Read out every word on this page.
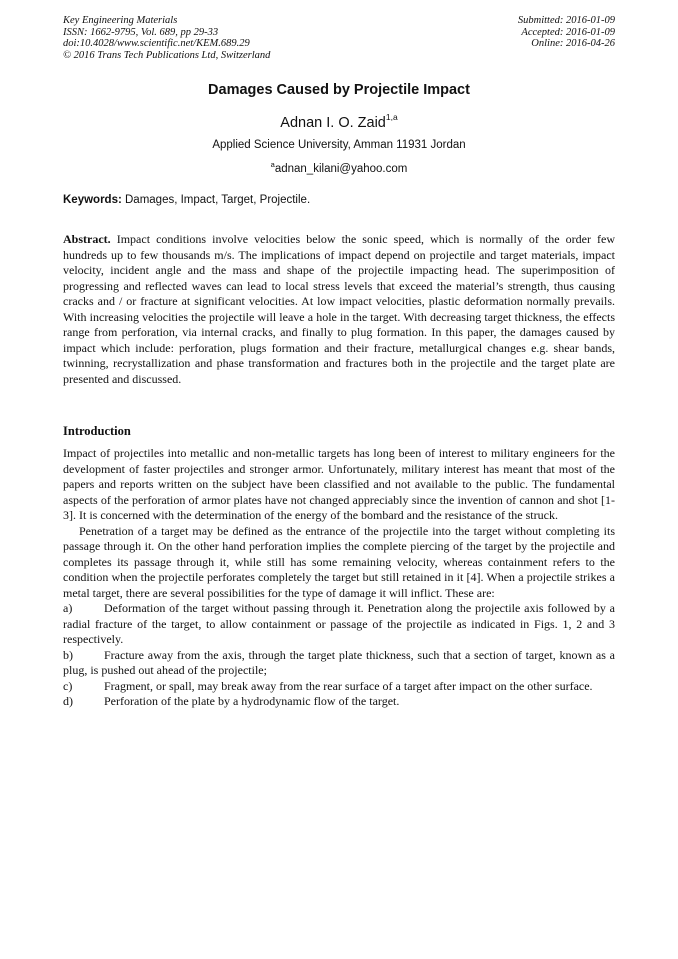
Key Engineering Materials
ISSN: 1662-9795, Vol. 689, pp 29-33
doi:10.4028/www.scientific.net/KEM.689.29
© 2016 Trans Tech Publications Ltd, Switzerland
Submitted: 2016-01-09
Accepted: 2016-01-09
Online: 2016-04-26
Damages Caused by Projectile Impact
Adnan I. O. Zaid$^{1,a}$
Applied Science University, Amman 11931 Jordan
$^a$adnan_kilani@yahoo.com
Keywords: Damages, Impact, Target, Projectile.
Abstract. Impact conditions involve velocities below the sonic speed, which is normally of the order few hundreds up to few thousands m/s. The implications of impact depend on projectile and target materials, impact velocity, incident angle and the mass and shape of the projectile impacting head. The superimposition of progressing and reflected waves can lead to local stress levels that exceed the material’s strength, thus causing cracks and / or fracture at significant velocities. At low impact velocities, plastic deformation normally prevails. With increasing velocities the projectile will leave a hole in the target. With decreasing target thickness, the effects range from perforation, via internal cracks, and finally to plug formation. In this paper, the damages caused by impact which include: perforation, plugs formation and their fracture, metallurgical changes e.g. shear bands, twinning, recrystallization and phase transformation and fractures both in the projectile and the target plate are presented and discussed.
Introduction

Impact of projectiles into metallic and non-metallic targets has long been of interest to military engineers for the development of faster projectiles and stronger armor. Unfortunately, military interest has meant that most of the papers and reports written on the subject have been classified and not available to the public. The fundamental aspects of the perforation of armor plates have not changed appreciably since the invention of cannon and shot [1-3]. It is concerned with the determination of the energy of the bombard and the resistance of the struck.

Penetration of a target may be defined as the entrance of the projectile into the target without completing its passage through it. On the other hand perforation implies the complete piercing of the target by the projectile and completes its passage through it, while still has some remaining velocity, whereas containment refers to the condition when the projectile perforates completely the target but still retained in it [4]. When a projectile strikes a metal target, there are several possibilities for the type of damage it will inflict. These are:

a)	Deformation of the target without passing through it. Penetration along the projectile axis followed by a radial fracture of the target, to allow containment or passage of the projectile as indicated in Figs. 1, 2 and 3 respectively.

b)	Fracture away from the axis, through the target plate thickness, such that a section of target, known as a plug, is pushed out ahead of the projectile;

c)	Fragment, or spall, may break away from the rear surface of a target after impact on the other surface.

d)	Perforation of the plate by a hydrodynamic flow of the target.
